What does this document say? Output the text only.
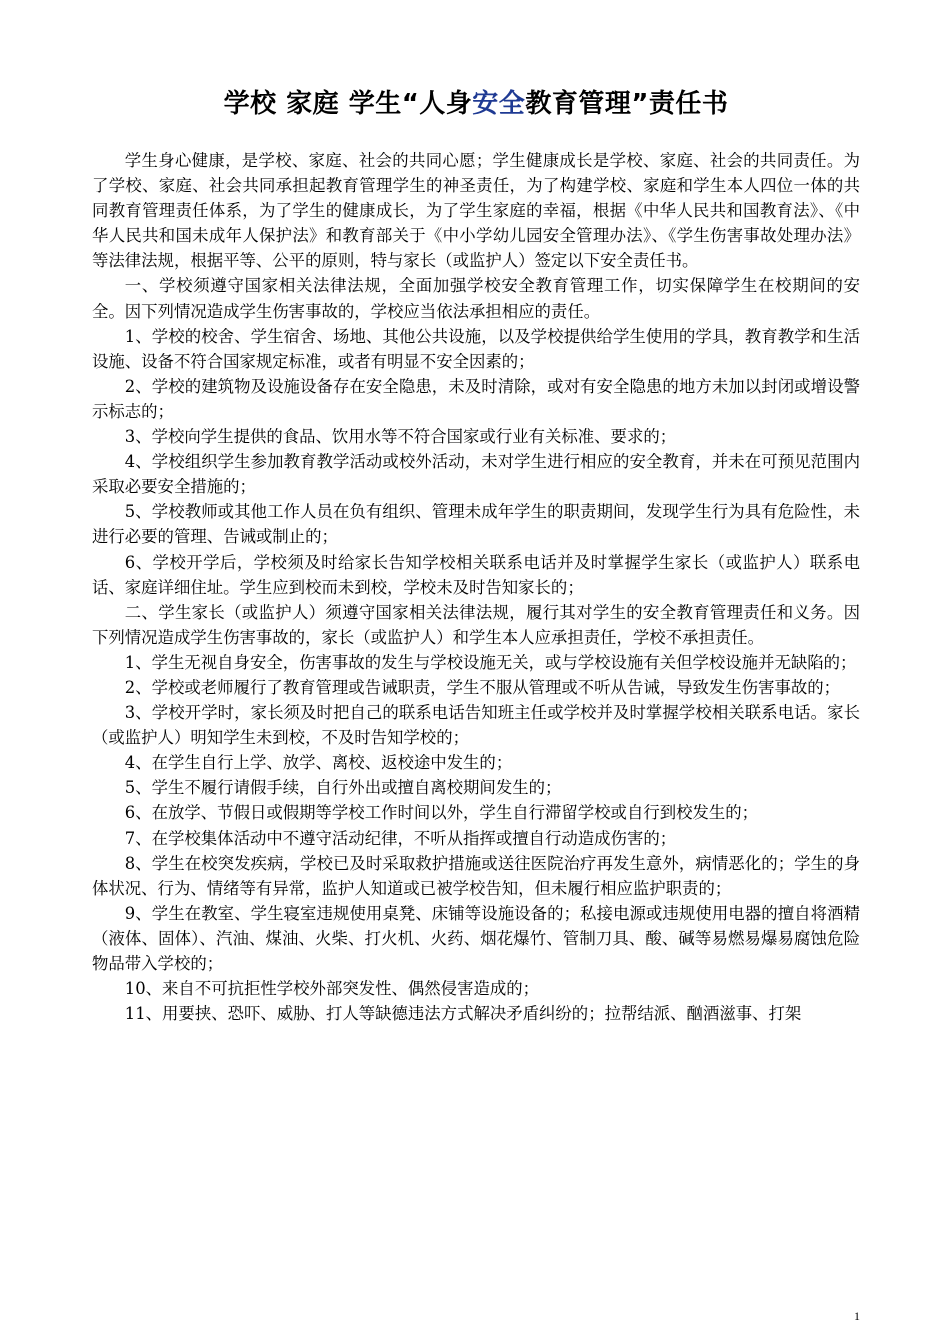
学校 家庭 学生“人身安全教育管理”责任书

学生身心健康，是学校、家庭、社会的共同心愿；学生健康成长是学校、家庭、社会的共同责任。为了学校、家庭、社会共同承担起教育管理学生的神圣责任，为了构建学校、家庭和学生本人四位一体的共同教育管理责任体系，为了学生的健康成长，为了学生家庭的幸福，根据《中华人民共和国教育法》、《中华人民共和国未成年人保护法》和教育部关于《中小学幼儿园安全管理办法》、《学生伤害事故处理办法》等法律法规，根据平等、公平的原则，特与家长（或监护人）签定以下安全责任书。

一、学校须遵守国家相关法律法规，全面加强学校安全教育管理工作，切实保障学生在校期间的安全。因下列情况造成学生伤害事故的，学校应当依法承担相应的责任。

1、学校的校舍、学生宿舍、场地、其他公共设施，以及学校提供给学生使用的学具，教育教学和生活设施、设备不符合国家规定标准，或者有明显不安全因素的；

2、学校的建筑物及设施设备存在安全隐患，未及时清除，或对有安全隐患的地方未加以封闭或增设警示标志的；

3、学校向学生提供的食品、饮用水等不符合国家或行业有关标准、要求的；

4、学校组织学生参加教育教学活动或校外活动，未对学生进行相应的安全教育，并未在可预见范围内采取必要安全措施的；

5、学校教师或其他工作人员在负有组织、管理未成年学生的职责期间，发现学生行为具有危险性，未进行必要的管理、告诫或制止的；

6、学校开学后，学校须及时给家长告知学校相关联系电话并及时掌握学生家长（或监护人）联系电话、家庭详细住址。学生应到校而未到校，学校未及时告知家长的；

二、学生家长（或监护人）须遵守国家相关法律法规，履行其对学生的安全教育管理责任和义务。因下列情况造成学生伤害事故的，家长（或监护人）和学生本人应承担责任，学校不承担责任。

1、学生无视自身安全，伤害事故的发生与学校设施无关，或与学校设施有关但学校设施并无缺陷的；

2、学校或老师履行了教育管理或告诫职责，学生不服从管理或不听从告诫，导致发生伤害事故的；

3、学校开学时，家长须及时把自己的联系电话告知班主任或学校并及时掌握学校相关联系电话。家长（或监护人）明知学生未到校，不及时告知学校的；

4、在学生自行上学、放学、离校、返校途中发生的；

5、学生不履行请假手续，自行外出或擅自离校期间发生的；

6、在放学、节假日或假期等学校工作时间以外，学生自行滞留学校或自行到校发生的；

7、在学校集体活动中不遵守活动纪律，不听从指挥或擅自行动造成伤害的；

8、学生在校突发疾病，学校已及时采取救护措施或送往医院治疗再发生意外，病情恶化的；学生的身体状况、行为、情绪等有异常，监护人知道或已被学校告知，但未履行相应监护职责的；

9、学生在教室、学生寝室违规使用桌凳、床铺等设施设备的；私接电源或违规使用电器的擅自将酒精（液体、固体）、汽油、煤油、火柴、打火机、火药、烟花爆竹、管制刀具、酸、碱等易燃易爆易腐蚀危险物品带入学校的；

10、来自不可抗拒性学校外部突发性、偶然侵害造成的；

11、用要挟、恐吓、威胁、打人等缺德违法方式解决矛盾纠纷的；拉帮结派、酗酒滋事、打架

1
